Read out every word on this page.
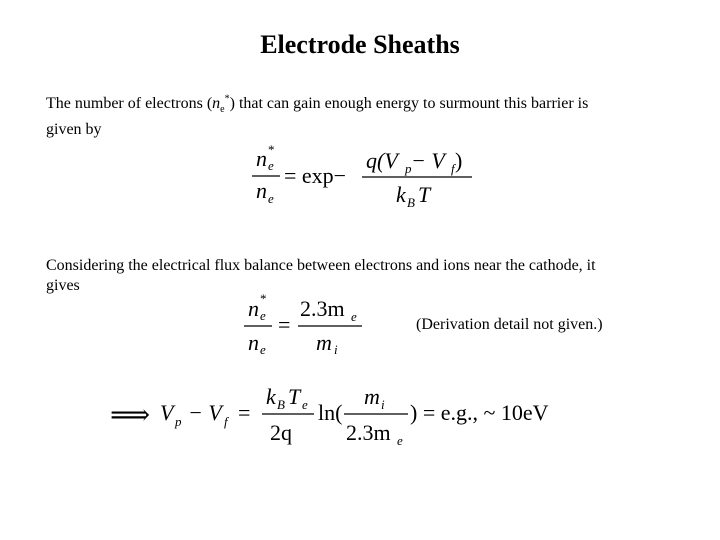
Electrode Sheaths
The number of electrons $(n_e^*)$ that can gain enough energy to surmount this barrier is
given by
n e
*
n e
= exp−
q(V p − V f )
k B T
Considering the electrical flux balance between electrons and ions near the cathode, it
gives
n e
*
n e
=
2.3m e
m i
(Derivation detail not given.)
⟹ V p − V f =
k B T e
2q
ln(
m i
2.3m e
) = e.g., ~ 10eV
